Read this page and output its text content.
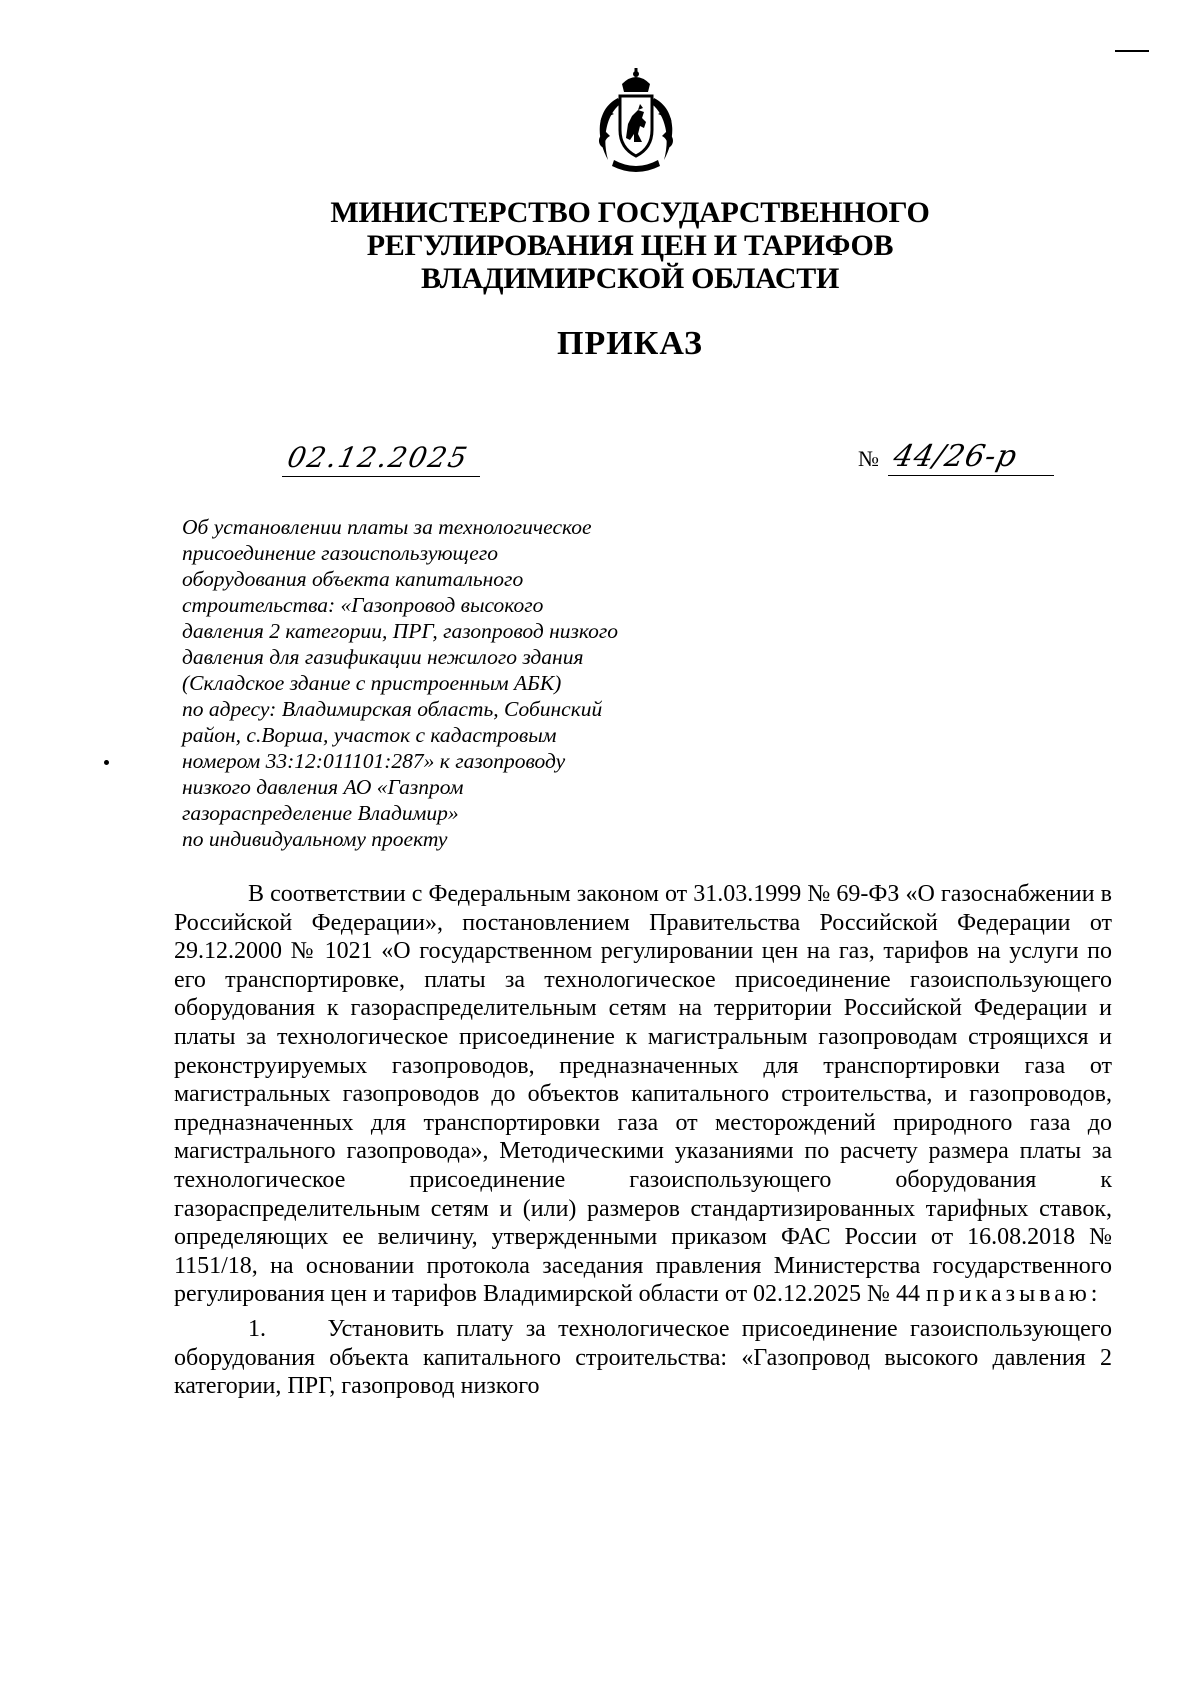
МИНИСТЕРСТВО ГОСУДАРСТВЕННОГО
РЕГУЛИРОВАНИЯ ЦЕН И ТАРИФОВ
ВЛАДИМИРСКОЙ ОБЛАСТИ
ПРИКАЗ
02.12.2025	№ 44/26-р
Об установлении платы за технологическое
присоединение газоиспользующего
оборудования объекта капитального
строительства: «Газопровод высокого
давления 2 категории, ПРГ, газопровод низкого
давления для газификации нежилого здания
(Складское здание с пристроенным АБК)
по адресу: Владимирская область, Собинский
район, с.Ворша, участок с кадастровым
номером 33:12:011101:287» к газопроводу
низкого давления АО «Газпром
газораспределение Владимир»
по индивидуальному проекту

В соответствии с Федеральным законом от 31.03.1999 № 69-ФЗ «О газоснабжении в Российской Федерации», постановлением Правительства Российской Федерации от 29.12.2000 № 1021 «О государственном регулировании цен на газ, тарифов на услуги по его транспортировке, платы за технологическое присоединение газоиспользующего оборудования к газораспределительным сетям на территории Российской Федерации и платы за технологическое присоединение к магистральным газопроводам строящихся и реконструируемых газопроводов, предназначенных для транспортировки газа от магистральных газопроводов до объектов капитального строительства, и газопроводов, предназначенных для транспортировки газа от месторождений природного газа до магистрального газопровода», Методическими указаниями по расчету размера платы за технологическое присоединение газоиспользующего оборудования к газораспределительным сетям и (или) размеров стандартизированных тарифных ставок, определяющих ее величину, утвержденными приказом ФАС России от 16.08.2018 № 1151/18, на основании протокола заседания правления Министерства государственного регулирования цен и тарифов Владимирской области от 02.12.2025 № 44 приказываю:

1.	Установить плату за технологическое присоединение газоиспользующего оборудования объекта капитального строительства: «Газопровод высокого давления 2 категории, ПРГ, газопровод низкого
